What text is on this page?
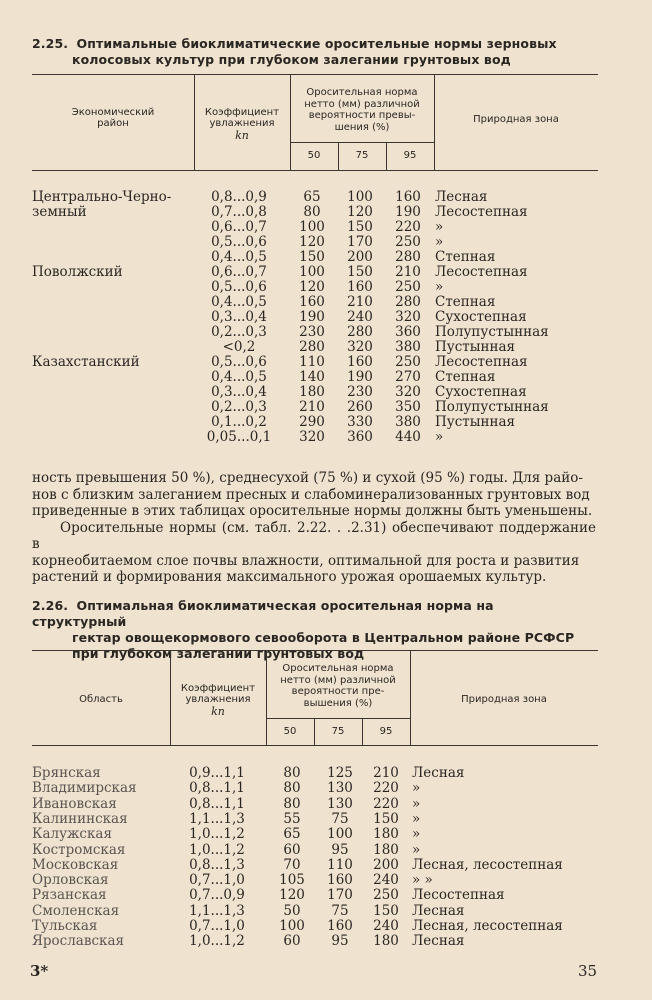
2.25. Оптимальные биоклиматические оросительные нормы зерновых
колосовых культур при глубоком залегании грунтовых вод
Экономический
район
Коэффициент
увлажнения
kn
Оросительная норма
нетто (мм) различной
вероятности превы-
шения (%)
50	75	95
Природная зона
Центрально-Черно-	0,8...0,9	65	100	160	Лесная
земный	0,7...0,8	80	120	190	Лесостепная
0,6...0,7	100	150	220	»
0,5...0,6	120	170	250	»
0,4...0,5	150	200	280	Степная
Поволжский	0,6...0,7	100	150	210	Лесостепная
0,5...0,6	120	160	250	»
0,4...0,5	160	210	280	Степная
0,3...0,4	190	240	320	Сухостепная
0,2...0,3	230	280	360	Полупустынная
<0,2	280	320	380	Пустынная
Казахстанский	0,5...0,6	110	160	250	Лесостепная
0,4...0,5	140	190	270	Степная
0,3...0,4	180	230	320	Сухостепная
0,2...0,3	210	260	350	Полупустынная
0,1...0,2	290	330	380	Пустынная
0,05...0,1	320	360	440	»

ность превышения 50 %), среднесухой (75 %) и сухой (95 %) годы. Для райо-

нов с близким залеганием пресных и слабоминерализованных грунтовых вод

приведенные в этих таблицах оросительные нормы должны быть уменьшены.

Оросительные нормы (см. табл. 2.22. . .2.31) обеспечивают поддержание в

корнеобитаемом слое почвы влажности, оптимальной для роста и развития

растений и формирования максимального урожая орошаемых культур.

2.26. Оптимальная биоклиматическая оросительная норма на структурный
гектар овощекормового севооборота в Центральном районе РСФСР
при глубоком залегании грунтовых вод
Область
Коэффициент
увлажнения
kn
Оросительная норма
нетто (мм) различной
вероятности пре-
вышения (%)
50	75	95
Природная зона
Брянская	0,9...1,1	80	125	210 Лесная
Владимирская	0,8...1,1	80	130	220 »
Ивановская	0,8...1,1	80	130	220 »
Калининская	1,1...1,3	55	75	150 »
Калужская	1,0...1,2	65	100	180 »
Костромская	1,0...1,2	60	95	180 »
Московская	0,8...1,3	70	110	200 Лесная, лесостепная
Орловская	0,7...1,0	105	160	240 » »
Рязанская	0,7...0,9	120	170	250 Лесостепная
Смоленская	1,1...1,3	50	75	150 Лесная
Тульская	0,7...1,0	100	160	240 Лесная, лесостепная
Ярославская	1,0...1,2	60	95	180 Лесная
3*	35
